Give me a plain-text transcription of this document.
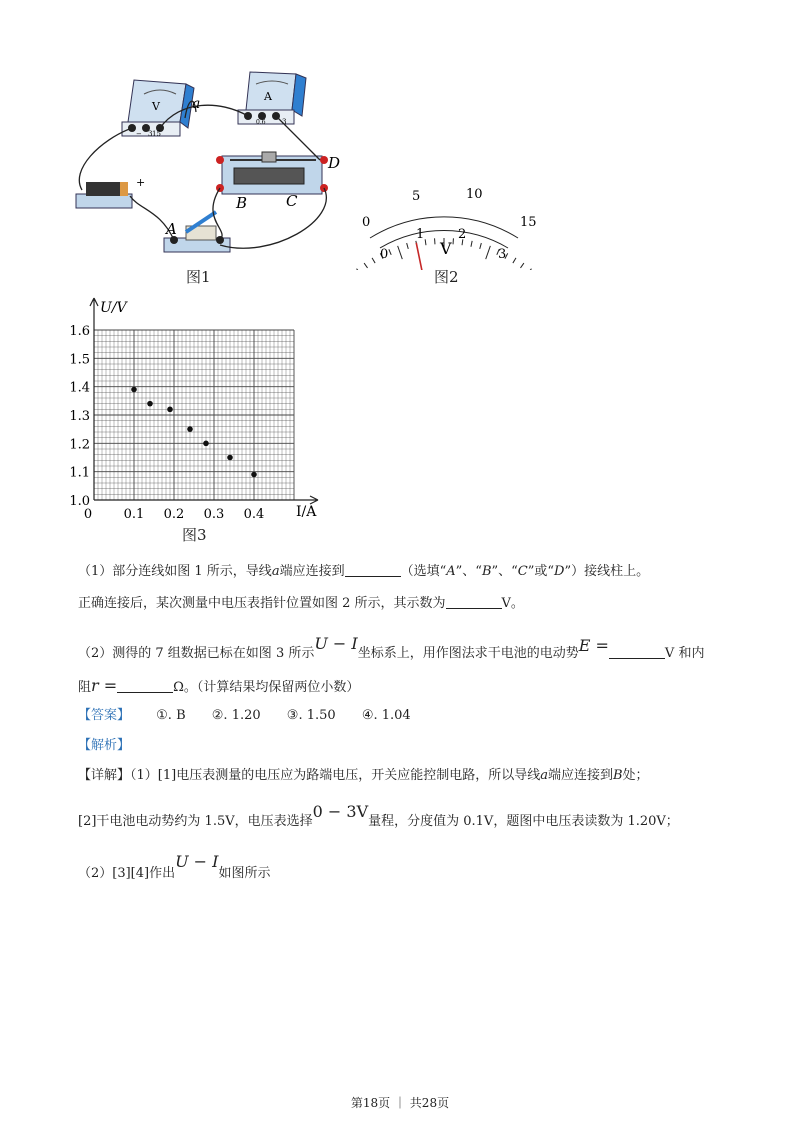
V
− 3 15
A
0.6 3
a
+
A
B	C
D
图1
0
5	10
15
0
1	2
3
V
图2
1.0
1.1
1.2
1.3
1.4
1.5
1.6
0 0.1 0.2 0.3 0.4
U/V
I/A
图3
（1）部分连线如图 1 所示，导线a端应连接到	（选填“A”、“B”、“C”或“D”）接线柱上。
正确连接后，某次测量中电压表指针位置如图 2 所示，其示数为	V。
（2）测得的 7 组数据已标在如图 3 所示U − I坐标系上，用作图法求干电池的电动势E =	V 和内
阻r =	Ω。（计算结果均保留两位小数）
【答案】 ①. B ②. 1.20 ③. 1.50 ④. 1.04
【解析】
【详解】（1）[1]电压表测量的电压应为路端电压，开关应能控制电路，所以导线a端应连接到B处；
[2]干电池电动势约为 1.5V，电压表选择0 − 3V量程，分度值为 0.1V，题图中电压表读数为 1.20V；
（2）[3][4]作出U − I如图所示
第18页 ｜ 共28页
